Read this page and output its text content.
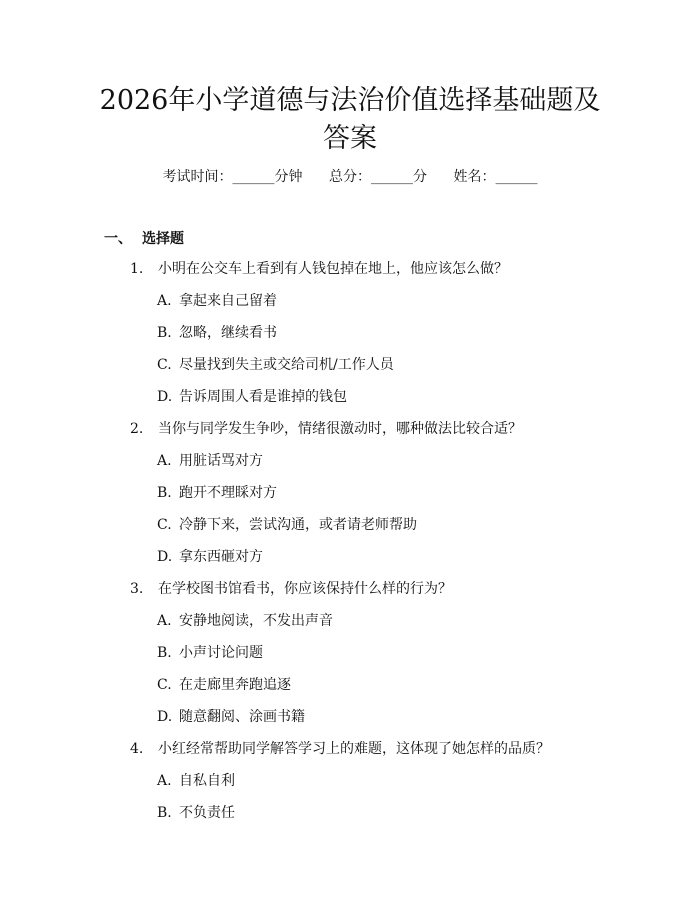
2026年小学道德与法治价值选择基础题及答案
考试时间：______分钟 总分：______分 姓名：______
一、 选择题
1. 小明在公交车上看到有人钱包掉在地上，他应该怎么做？
A. 拿起来自己留着
B. 忽略，继续看书
C. 尽量找到失主或交给司机/工作人员
D. 告诉周围人看是谁掉的钱包
2. 当你与同学发生争吵，情绪很激动时，哪种做法比较合适？
A. 用脏话骂对方
B. 跑开不理睬对方
C. 冷静下来，尝试沟通，或者请老师帮助
D. 拿东西砸对方
3. 在学校图书馆看书，你应该保持什么样的行为？
A. 安静地阅读，不发出声音
B. 小声讨论问题
C. 在走廊里奔跑追逐
D. 随意翻阅、涂画书籍
4. 小红经常帮助同学解答学习上的难题，这体现了她怎样的品质？
A. 自私自利
B. 不负责任
